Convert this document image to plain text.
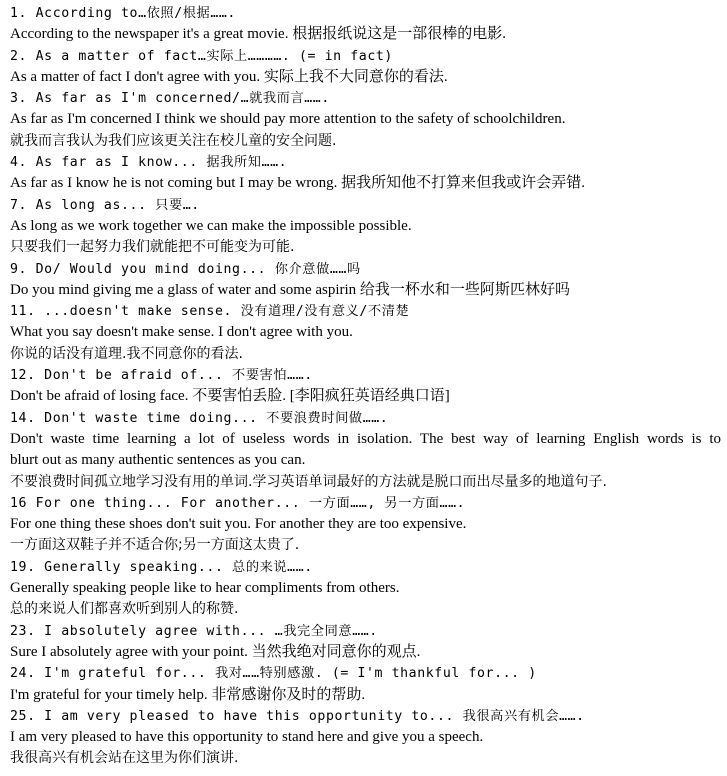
1. According to…依照/根据…….
According to the newspaper it's a great movie. 根据报纸说这是一部很棒的电影.
2. As a matter of fact…实际上…………. (= in fact)
As a matter of fact I don't agree with you. 实际上我不大同意你的看法.
3. As far as I'm concerned/…就我而言…….
As far as I'm concerned I think we should pay more attention to the safety of schoolchildren.
就我而言我认为我们应该更关注在校儿童的安全问题.
4. As far as I know... 据我所知…….
As far as I know he is not coming but I may be wrong. 据我所知他不打算来但我或许会弄错.
7. As long as... 只要….
As long as we work together we can make the impossible possible.
只要我们一起努力我们就能把不可能变为可能.
9. Do/ Would you mind doing... 你介意做……吗
Do you mind giving me a glass of water and some aspirin 给我一杯水和一些阿斯匹林好吗
11. ...doesn't make sense. 没有道理/没有意义/不清楚
What you say doesn't make sense. I don't agree with you.
你说的话没有道理.我不同意你的看法.
12. Don't be afraid of... 不要害怕…….
Don't be afraid of losing face. 不要害怕丢脸. [李阳疯狂英语经典口语]
14. Don't waste time doing... 不要浪费时间做…….
Don't waste time learning a lot of useless words in isolation. The best way of learning English words is to
blurt out as many authentic sentences as you can.
不要浪费时间孤立地学习没有用的单词.学习英语单词最好的方法就是脱口而出尽量多的地道句子.
16 For one thing... For another... 一方面……, 另一方面…….
For one thing these shoes don't suit you. For another they are too expensive.
一方面这双鞋子并不适合你;另一方面这太贵了.
19. Generally speaking... 总的来说…….
Generally speaking people like to hear compliments from others.
总的来说人们都喜欢听到别人的称赞.
23. I absolutely agree with... …我完全同意…….
Sure I absolutely agree with your point. 当然我绝对同意你的观点.
24. I'm grateful for... 我对……特别感激. (= I'm thankful for... )
I'm grateful for your timely help. 非常感谢你及时的帮助.
25. I am very pleased to have this opportunity to... 我很高兴有机会…….
I am very pleased to have this opportunity to stand here and give you a speech.
我很高兴有机会站在这里为你们演讲.
